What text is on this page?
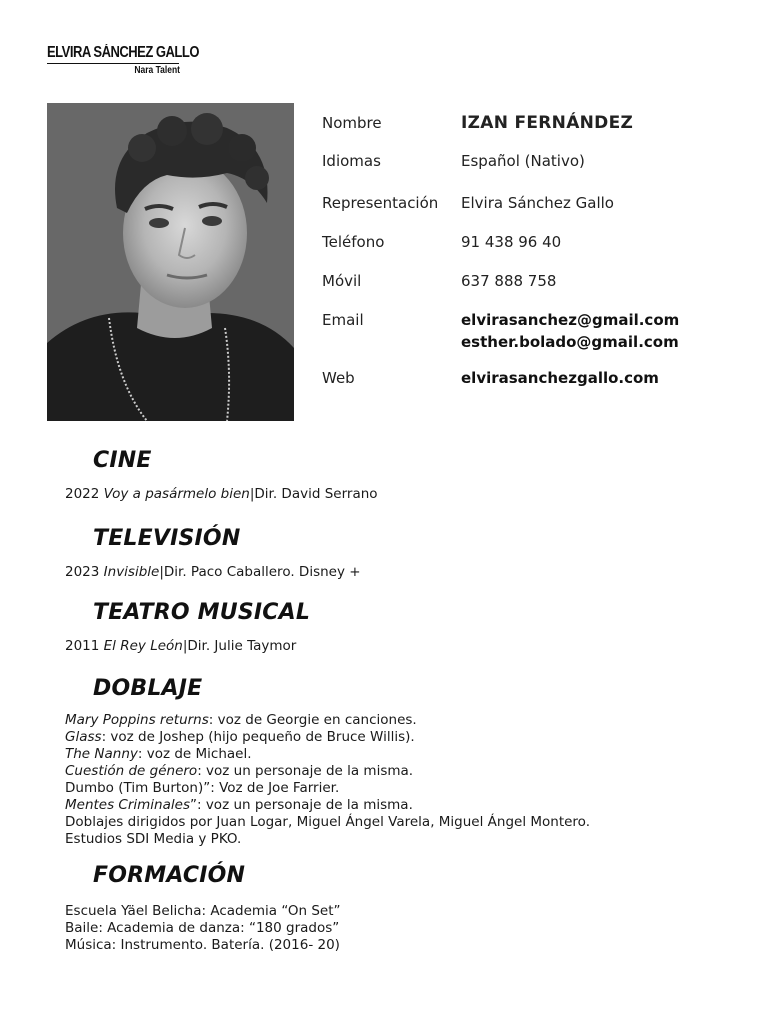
ELVIRA SÁNCHEZ GALLO
Nara Talent
Nombre	IZAN FERNÁNDEZ
Idiomas	Español (Nativo)
Representación Elvira Sánchez Gallo
Teléfono	91 438 96 40
Móvil	637 888 758
Email	elvirasanchez@gmail.com
esther.bolado@gmail.com
Web	elvirasanchezgallo.com
CINE
2022 Voy a pasármelo bien|Dir. David Serrano
TELEVISIÓN
2023 Invisible|Dir. Paco Caballero. Disney +
TEATRO MUSICAL
2011 El Rey León|Dir. Julie Taymor
DOBLAJE
Mary Poppins returns: voz de Georgie en canciones.
Glass: voz de Joshep (hijo pequeño de Bruce Willis).
The Nanny: voz de Michael.
Cuestión de género: voz un personaje de la misma.
Dumbo (Tim Burton)”: Voz de Joe Farrier.
Mentes Criminales”: voz un personaje de la misma.
Doblajes dirigidos por Juan Logar, Miguel Ángel Varela, Miguel Ángel Montero.
Estudios SDI Media y PKO.
FORMACIÓN
Escuela Yäel Belicha: Academia “On Set”
Baile: Academia de danza: “180 grados”
Música: Instrumento. Batería. (2016- 20)
